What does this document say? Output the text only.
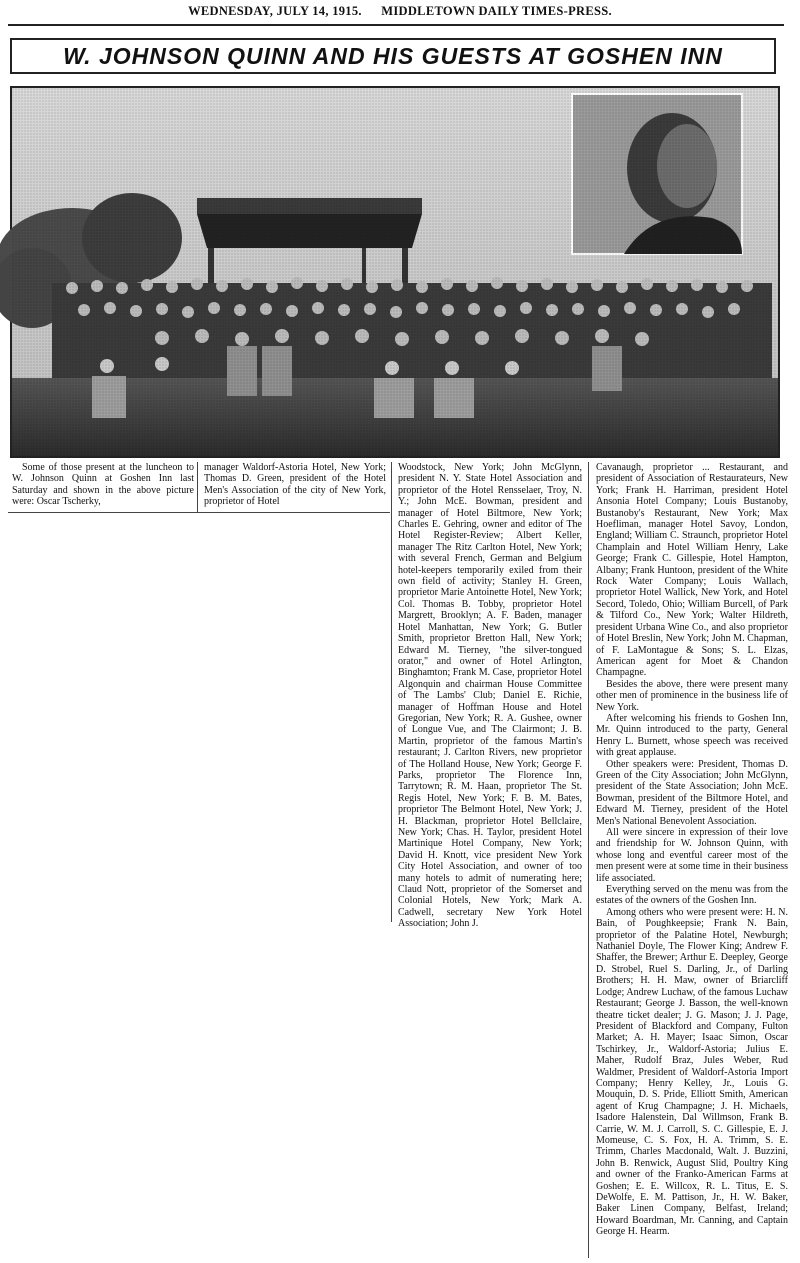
WEDNESDAY, JULY 14, 1915. MIDDLETOWN DAILY TIMES-PRESS.
W. JOHNSON QUINN AND HIS GUESTS AT GOSHEN INN

Some of those present at the luncheon to W. Johnson Quinn at Goshen Inn last Saturday and shown in the above picture were: Oscar Tscherky,

manager Waldorf-Astoria Hotel, New York; Thomas D. Green, president of the Hotel Men's Association of the city of New York, proprietor of Hotel

Woodstock, New York; John McGlynn, president N. Y. State Hotel Association and proprietor of the Hotel Rensselaer, Troy, N. Y.; John McE. Bowman, president and manager of Hotel Biltmore, New York; Charles E. Gehring, owner and editor of The Hotel Register-Review; Albert Keller, manager The Ritz Carlton Hotel, New York; with several French, German and Belgium hotel-keepers temporarily exiled from their own field of activity; Stanley H. Green, proprietor Marie Antoinette Hotel, New York; Col. Thomas B. Tobby, proprietor Hotel Margrett, Brooklyn; A. F. Baden, manager Hotel Manhattan, New York; G. Butler Smith, proprietor Bretton Hall, New York; Edward M. Tierney, "the silver-tongued orator," and owner of Hotel Arlington, Binghamton; Frank M. Case, proprietor Hotel Algonquin and chairman House Committee of The Lambs' Club; Daniel E. Richie, manager of Hoffman House and Hotel Gregorian, New York; R. A. Gushee, owner of Longue Vue, and The Clairmont; J. B. Martin, proprietor of the famous Martin's restaurant; J. Carlton Rivers, new proprietor of The Holland House, New York; George F. Parks, proprietor The Florence Inn, Tarrytown; R. M. Haan, proprietor The St. Regis Hotel, New York; F. B. M. Bates, proprietor The Belmont Hotel, New York; J. H. Blackman, proprietor Hotel Bellclaire, New York; Chas. H. Taylor, president Hotel Martinique Hotel Company, New York; David H. Knott, vice president New York City Hotel Association, and owner of too many hotels to admit of numerating here; Claud Nott, proprietor of the Somerset and Colonial Hotels, New York; Mark A. Cadwell, secretary New York Hotel Association; John J.

Cavanaugh, proprietor ... Restaurant, and president of Association of Restaurateurs, New York; Frank H. Harriman, president Hotel Ansonia Hotel Company; Louis Bustanoby, Bustanoby's Restaurant, New York; Max Hoefliman, manager Hotel Savoy, London, England; William C. Straunch, proprietor Hotel Champlain and Hotel William Henry, Lake George; Frank C. Gillespie, Hotel Hampton, Albany; Frank Huntoon, president of the White Rock Water Company; Louis Wallach, proprietor Hotel Wallick, New York, and Hotel Secord, Toledo, Ohio; William Burcell, of Park & Tilford Co., New York; Walter Hildreth, president Urbana Wine Co., and also proprietor of Hotel Breslin, New York; John M. Chapman, of F. LaMontague & Sons; S. L. Elzas, American agent for Moet & Chandon Champagne.

Besides the above, there were present many other men of prominence in the business life of New York.

After welcoming his friends to Goshen Inn, Mr. Quinn introduced to the party, General Henry L. Burnett, whose speech was received with great applause.

Other speakers were: President, Thomas D. Green of the City Association; John McGlynn, president of the State Association; John McE. Bowman, president of the Biltmore Hotel, and Edward M. Tierney, president of the Hotel Men's National Benevolent Association.

All were sincere in expression of their love and friendship for W. Johnson Quinn, with whose long and eventful career most of the men present were at some time in their business life associated.

Everything served on the menu was from the estates of the owners of the Goshen Inn.

Among others who were present were: H. N. Bain, of Poughkeepsie; Frank N. Bain, proprietor of the Palatine Hotel, Newburgh; Nathaniel Doyle, The Flower King; Andrew F. Shaffer, the Brewer; Arthur E. Deepley, George D. Strobel, Ruel S. Darling, Jr., of Darling Brothers; H. H. Maw, owner of Briarcliff Lodge; Andrew Luchaw, of the famous Luchaw Restaurant; George J. Basson, the well-known theatre ticket dealer; J. G. Mason; J. J. Page, President of Blackford and Company, Fulton Market; A. H. Mayer; Isaac Simon, Oscar Tschirkey, Jr., Waldorf-Astoria; Julius E. Maher, Rudolf Braz, Jules Weber, Rud Waldmer, President of Waldorf-Astoria Import Company; Henry Kelley, Jr., Louis G. Mouquin, D. S. Pride, Elliott Smith, American agent of Krug Champagne; J. H. Michaels, Isadore Halenstein, Dal Willmson, Frank B. Carrie, W. M. J. Carroll, S. C. Gillespie, E. J. Momeuse, C. S. Fox, H. A. Trimm, S. E. Trimm, Charles Macdonald, Walt. J. Buzzini, John B. Renwick, August Slid, Poultry King and owner of the Franko-American Farms at Goshen; E. E. Willcox, R. L. Titus, E. S. DeWolfe, E. M. Pattison, Jr., H. W. Baker, Baker Linen Company, Belfast, Ireland; Howard Boardman, Mr. Canning, and Captain George H. Hearm.
